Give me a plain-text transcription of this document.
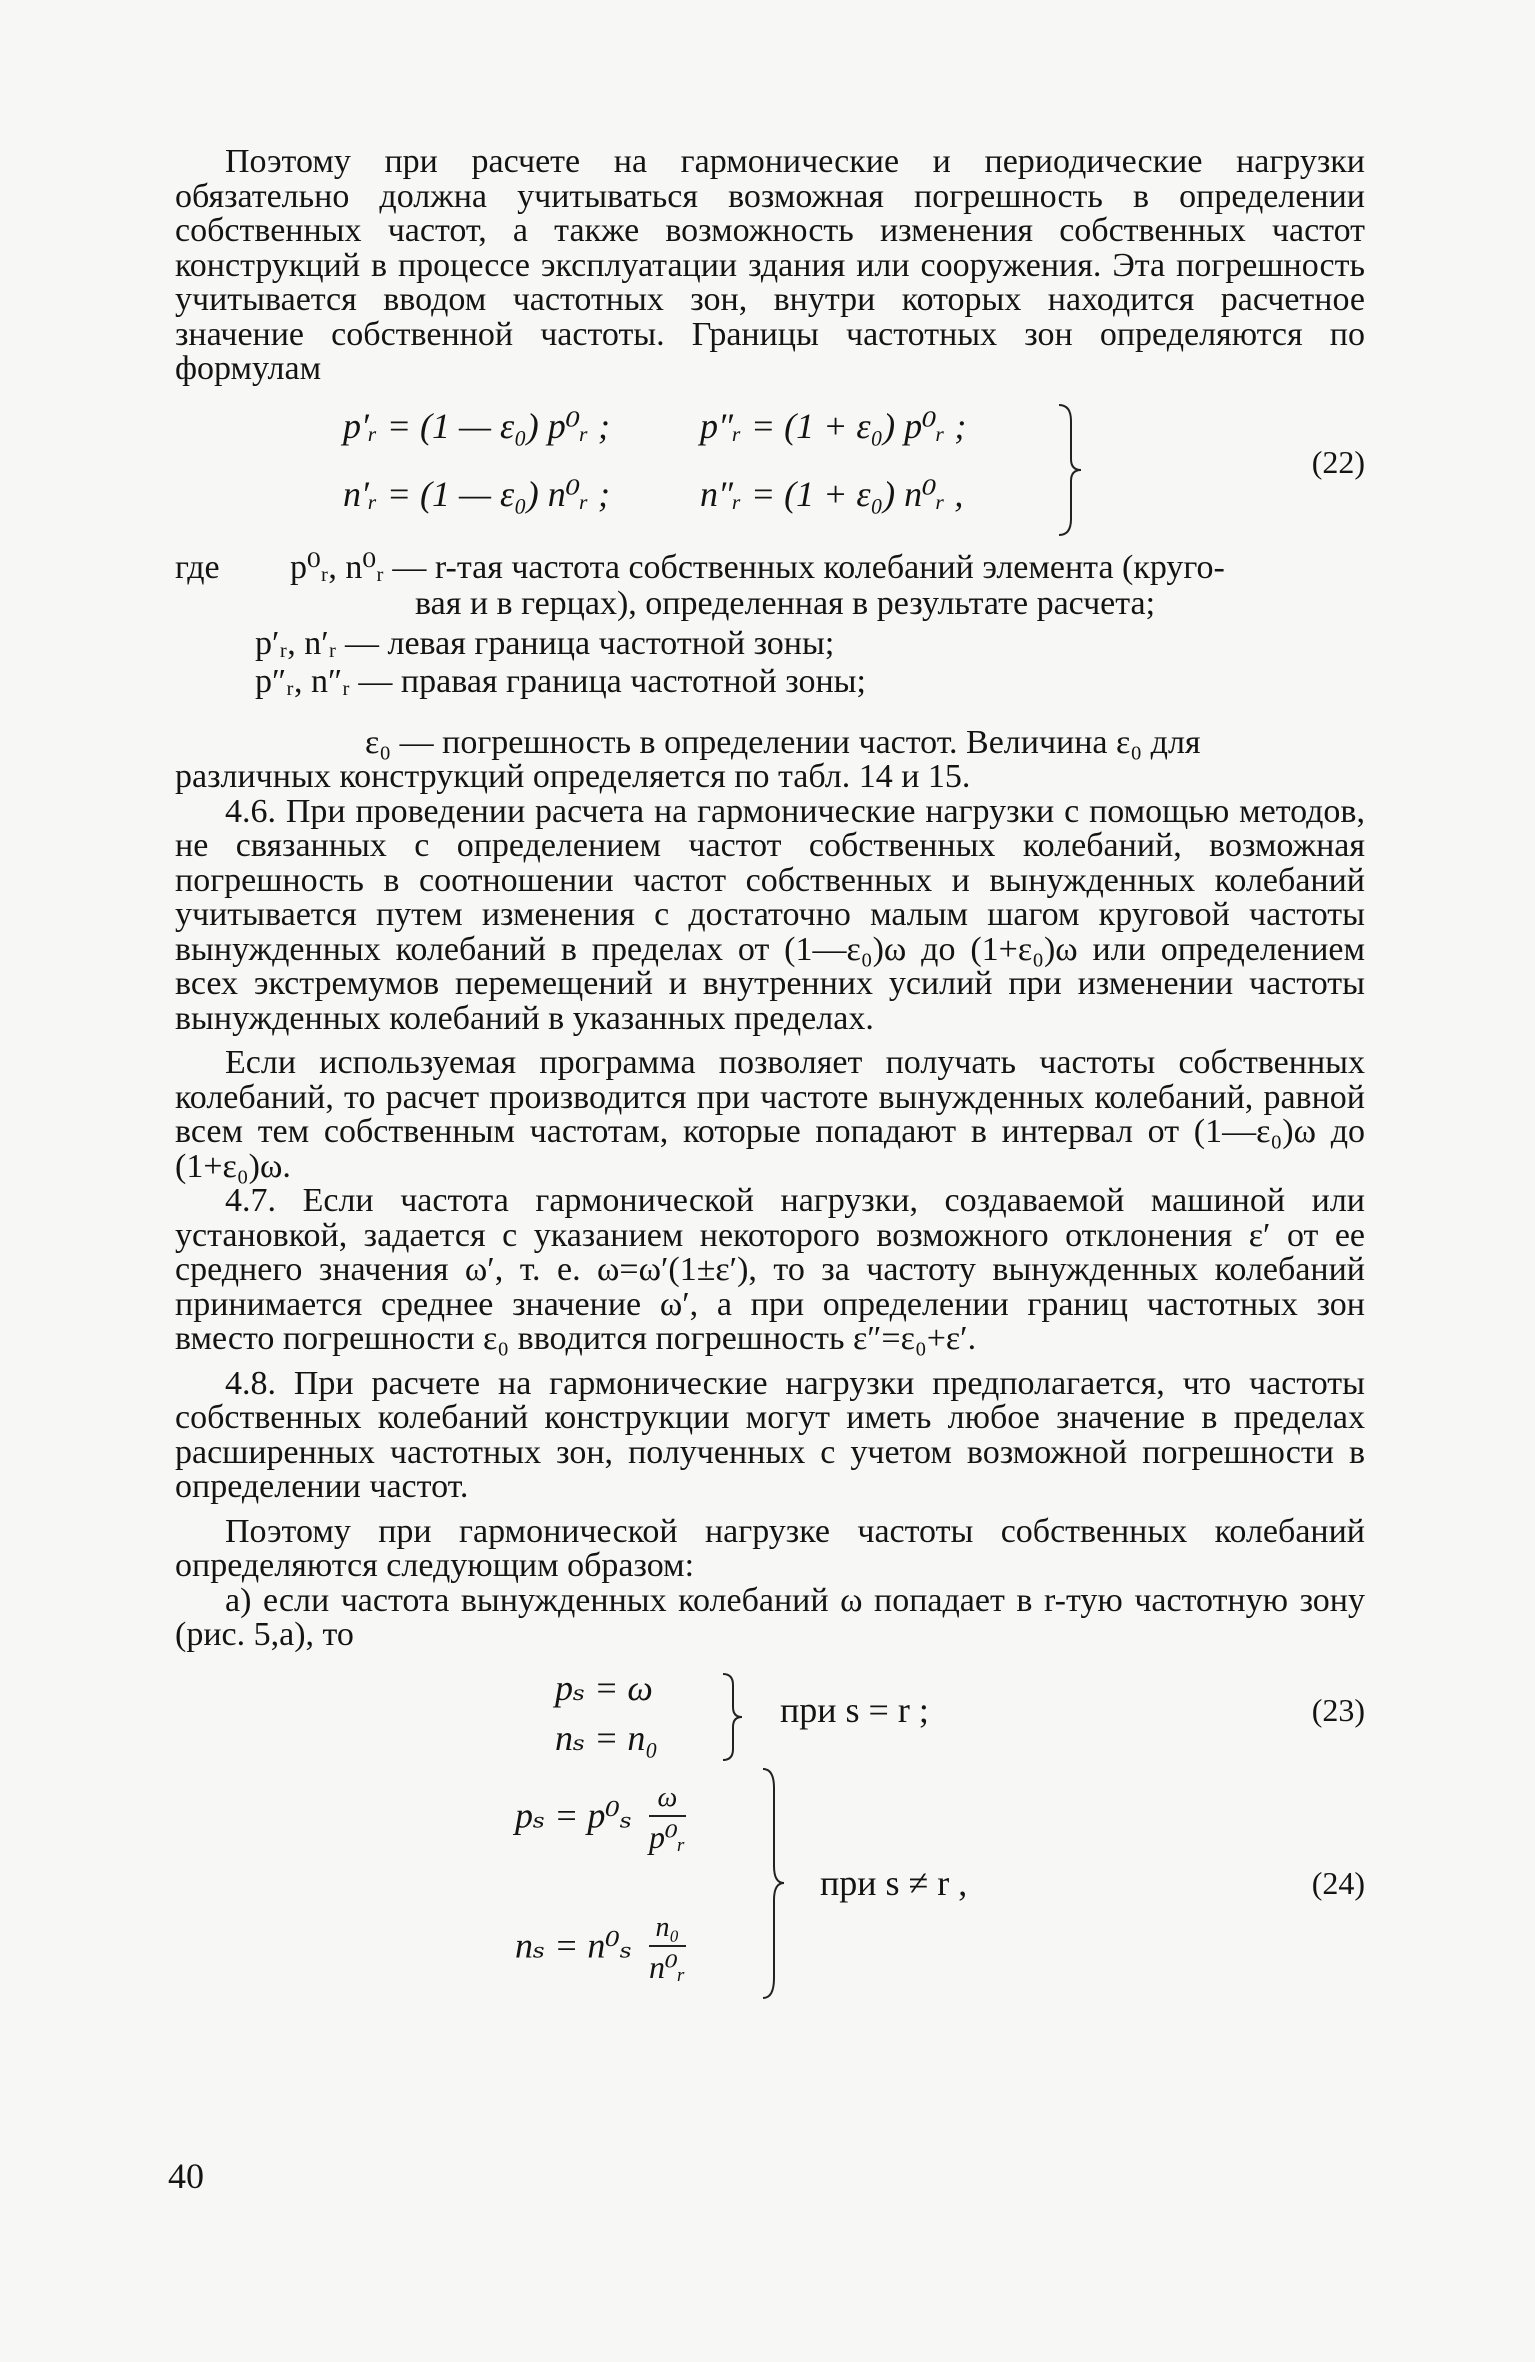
Поэтому при расчете на гармонические и периодические нагрузки обязательно должна учитываться возможная погрешность в определении собственных частот, а также возможность изменения собственных частот конструкций в процессе эксплуатации здания или сооружения. Эта погрешность учитывается вводом частотных зон, внутри которых находится расчетное значение собственной частоты. Границы частотных зон определяются по формулам

p′ᵣ = (1 — ε₀) p⁰ᵣ ;	p″ᵣ = (1 + ε₀) p⁰ᵣ ;
n′ᵣ = (1 — ε₀) n⁰ᵣ ;	n″ᵣ = (1 + ε₀) n⁰ᵣ ,
(22)
где p⁰ᵣ, n⁰ᵣ — r-тая частота собственных колебаний элемента (круго-
вая и в герцах), определенная в результате расчета;
p′ᵣ, n′ᵣ — левая граница частотной зоны;
p″ᵣ, n″ᵣ — правая граница частотной зоны;

ε₀ — погрешность в определении частот. Величина ε₀ для

различных конструкций определяется по табл. 14 и 15.

4.6. При проведении расчета на гармонические нагрузки с помощью методов, не связанных с определением частот собственных колебаний, возможная погрешность в соотношении частот собственных и вынужденных колебаний учитывается путем изменения с достаточно малым шагом круговой частоты вынужденных колебаний в пределах от (1—ε₀)ω до (1+ε₀)ω или определением всех экстремумов перемещений и внутренних усилий при изменении частоты вынужденных колебаний в указанных пределах.

Если используемая программа позволяет получать частоты собственных колебаний, то расчет производится при частоте вынужденных колебаний, равной всем тем собственным частотам, которые попадают в интервал от (1—ε₀)ω до (1+ε₀)ω.

4.7. Если частота гармонической нагрузки, создаваемой машиной или установкой, задается с указанием некоторого возможного отклонения ε′ от ее среднего значения ω′, т. е. ω=ω′(1±ε′), то за частоту вынужденных колебаний принимается среднее значение ω′, а при определении границ частотных зон вместо погрешности ε₀ вводится погрешность ε″=ε₀+ε′.

4.8. При расчете на гармонические нагрузки предполагается, что частоты собственных колебаний конструкции могут иметь любое значение в пределах расширенных частотных зон, полученных с учетом возможной погрешности в определении частот.

Поэтому при гармонической нагрузке частоты собственных колебаний определяются следующим образом:

а) если частота вынужденных колебаний ω попадает в r-тую частотную зону (рис. 5,а), то

pₛ = ω
nₛ = n₀
при s = r ;	(23)
$p_s = p^0_s \frac{\omega}{\text{p⁰ᵣ}}$
$n_s = n^0_s \frac{\text{n₀}}{\text{n⁰ᵣ}}$
при s ≠ r ,	(24)
40
